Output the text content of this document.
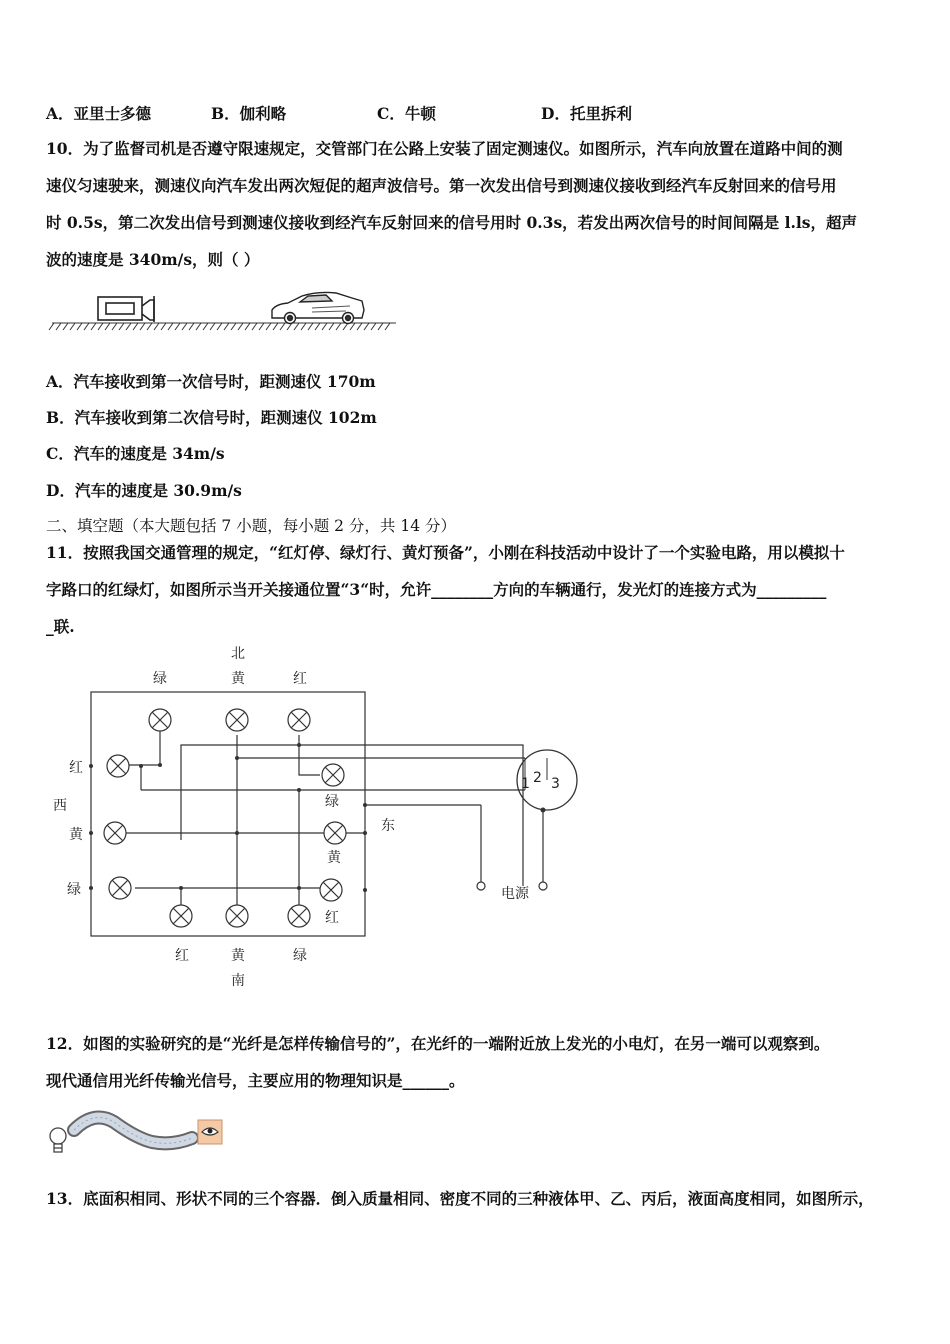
A．亚里士多德	B．伽利略	C．牛顿	D．托里拆利
10．为了监督司机是否遵守限速规定，交管部门在公路上安装了固定测速仪。如图所示，汽车向放置在道路中间的测
速仪匀速驶来，测速仪向汽车发出两次短促的超声波信号。第一次发出信号到测速仪接收到经汽车反射回来的信号用
时 0.5s，第二次发出信号到测速仪接收到经汽车反射回来的信号用时 0.3s，若发出两次信号的时间间隔是 l.ls，超声
波的速度是 340m/s，则（ ）
A．汽车接收到第一次信号时，距测速仪 170m
B．汽车接收到第二次信号时，距测速仪 102m
C．汽车的速度是 34m/s
D．汽车的速度是 30.9m/s
二、填空题（本大题包括 7 小题，每小题 2 分，共 14 分）
11．按照我国交通管理的规定，“红灯停、绿灯行、黄灯预备”，小刚在科技活动中设计了一个实验电路，用以模拟十
字路口的红绿灯，如图所示当开关接通位置“3“时，允许________方向的车辆通行，发光灯的连接方式为_________
_联.
1 2 3
电源
北
绿	黄	红
红
西
黄
绿
绿
黄
红
东
红	黄	绿
南
12．如图的实验研究的是“光纤是怎样传输信号的”，在光纤的一端附近放上发光的小电灯，在另一端可以观察到。
现代通信用光纤传输光信号，主要应用的物理知识是______。
13．底面积相同、形状不同的三个容器．倒入质量相同、密度不同的三种液体甲、乙、丙后，液面高度相同，如图所示，
